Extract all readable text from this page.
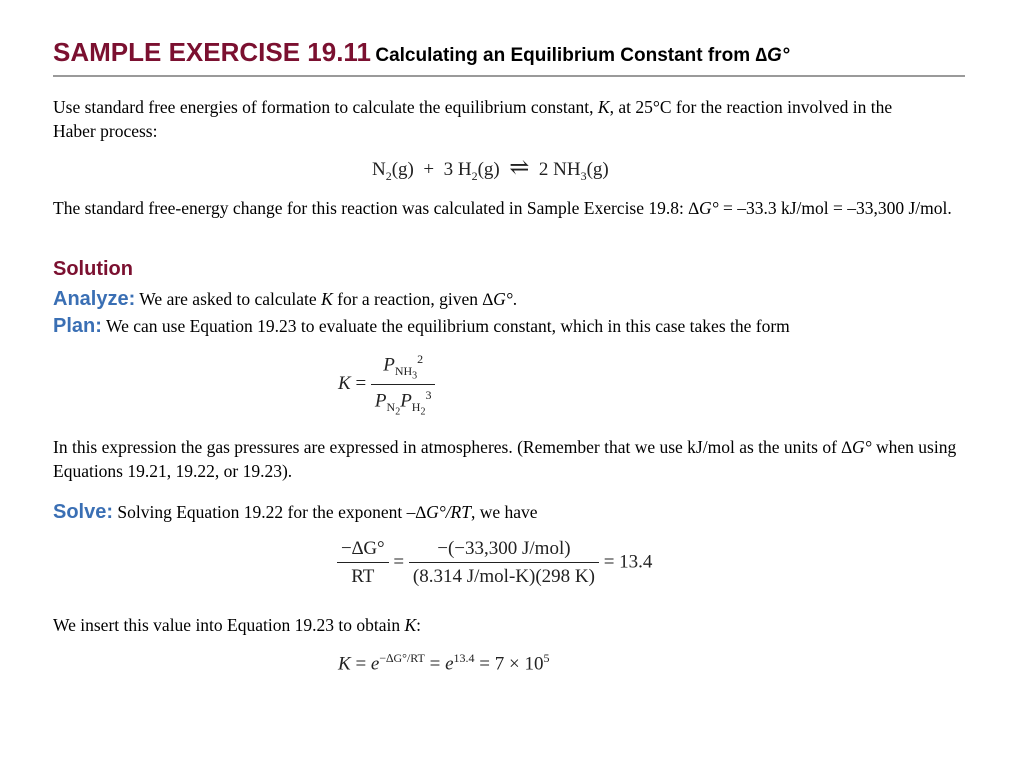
SAMPLE EXERCISE 19.11 Calculating an Equilibrium Constant from ∆G°
Use standard free energies of formation to calculate the equilibrium constant, K, at 25°C for the reaction involved in the Haber process:
$N_2(g) + 3$ $H_2(g)$ ⇌ 2 $NH_3(g)$
The standard free-energy change for this reaction was calculated in Sample Exercise 19.8: ∆G° = –33.3 kJ/mol = –33,300 J/mol.
Solution
Analyze: We are asked to calculate K for a reaction, given ∆G°.
Plan: We can use Equation 19.23 to evaluate the equilibrium constant, which in this case takes the form
$K = \frac{P_{NH_3}^2}{P_{N_2}P_{H_2}^3}$
In this expression the gas pressures are expressed in atmospheres. (Remember that we use kJ/mol as the units of ∆G° when using Equations 19.21, 19.22, or 19.23).
Solve: Solving Equation 19.22 for the exponent –∆G°/RT, we have
$\frac{-\Delta G^\circ}{RT} = \frac{\text{−(−33,300 J/mol)}}{\text{(8.314 J/mol-K)(298 K)}} = 13.4$
We insert this value into Equation 19.23 to obtain K:
$K = e^{-\Delta G^\circ/RT} = e^{13.4} = 7 \times 10^5$
